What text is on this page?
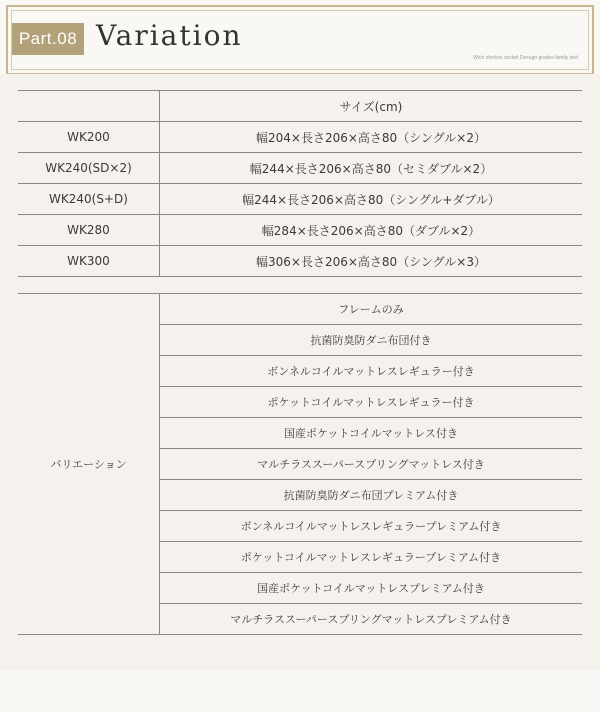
Part.08 Variation
Wich shelves socket Desugn grades family bed
	サイズ(cm)
WK200	幅204×長さ206×高さ80（シングル×2）
WK240(SD×2)	幅244×長さ206×高さ80（セミダブル×2）
WK240(S+D)	幅244×長さ206×高さ80（シングル+ダブル）
WK280	幅284×長さ206×高さ80（ダブル×2）
WK300	幅306×長さ206×高さ80（シングル×3）
バリエーション	フレームのみ
抗菌防臭防ダニ布団付き
ボンネルコイルマットレスレギュラー付き
ポケットコイルマットレスレギュラー付き
国産ポケットコイルマットレス付き
マルチラススーパースプリングマットレス付き
抗菌防臭防ダニ布団プレミアム付き
ボンネルコイルマットレスレギュラープレミアム付き
ポケットコイルマットレスレギュラープレミアム付き
国産ポケットコイルマットレスプレミアム付き
マルチラススーパースプリングマットレスプレミアム付き
